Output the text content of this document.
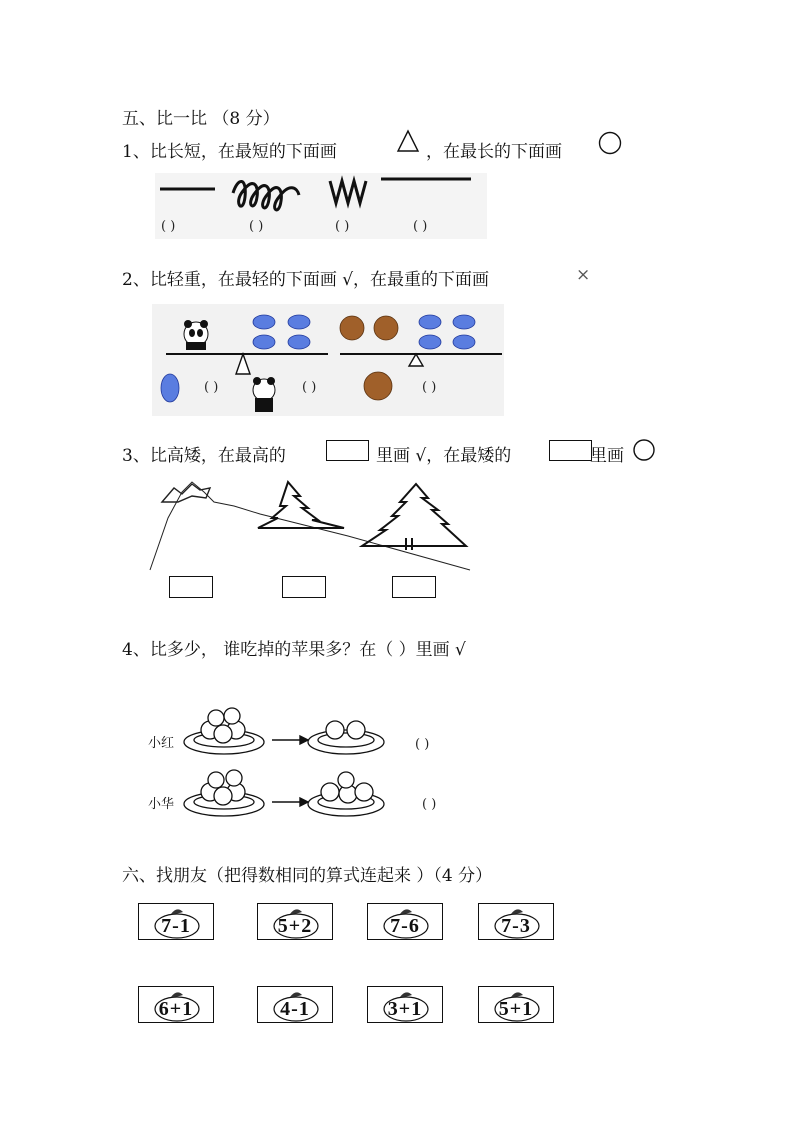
五、比一比 （8 分）
1、比长短，在最短的下面画	，在最长的下面画
( )	( )	( )	( )
2、比轻重，在最轻的下面画 √，在最重的下面画	×
( )	( )	( )
3、比高矮，在最高的	里画 √，在最矮的	里画
4、比多少， 谁吃掉的苹果多？在（ ）里画 √
小红
小华
( )
( )
六、找朋友（把得数相同的算式连起来 ）（4 分）
7-1	5+2	7-6	7-3
6+1	4-1	3+1	5+1
